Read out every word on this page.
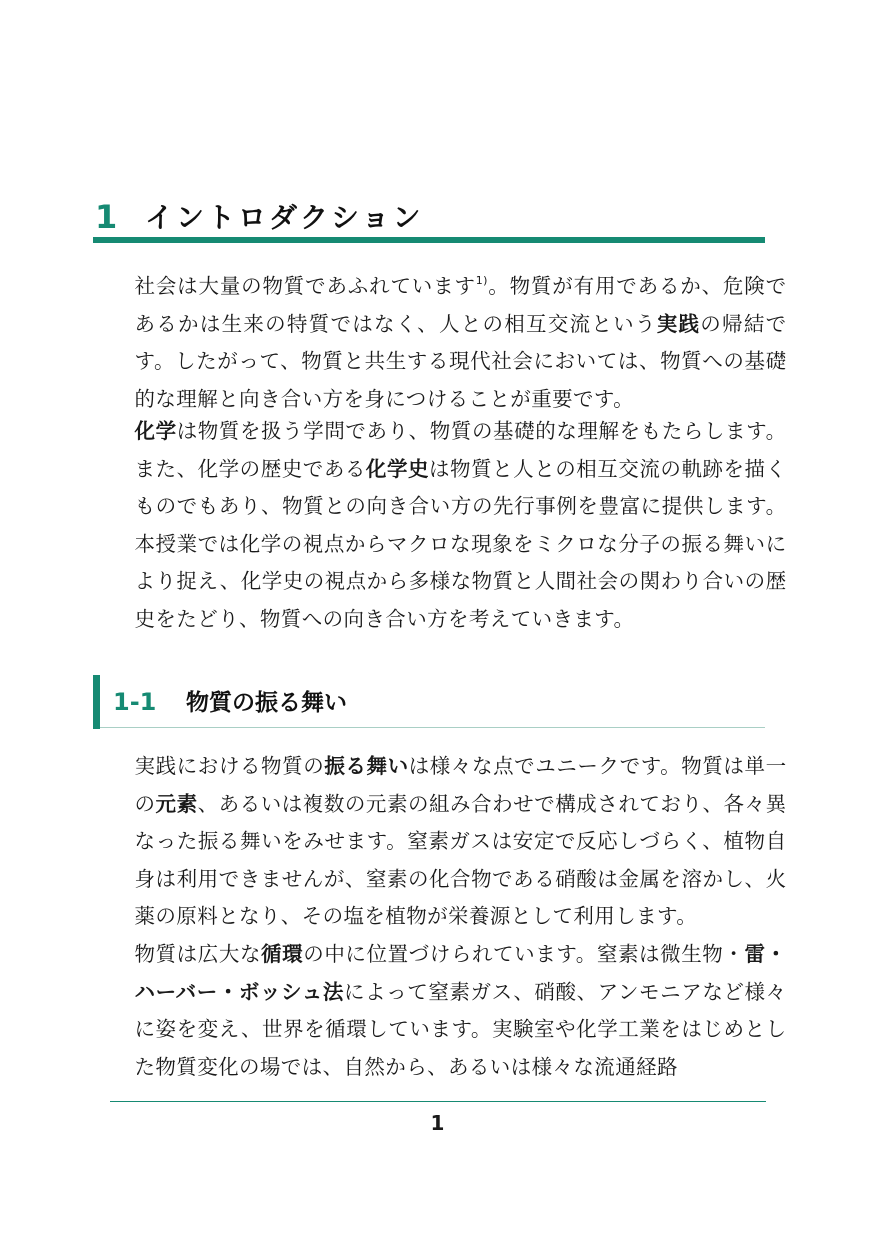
1 イントロダクション

社会は大量の物質であふれています$^{1)}$。物質が有用であるか、危険であるかは生来の特質ではなく、人との相互交流という実践の帰結です。したがって、物質と共生する現代社会においては、物質への基礎的な理解と向き合い方を身につけることが重要です。

化学は物質を扱う学問であり、物質の基礎的な理解をもたらします。また、化学の歴史である化学史は物質と人との相互交流の軌跡を描くものでもあり、物質との向き合い方の先行事例を豊富に提供します。本授業では化学の視点からマクロな現象をミクロな分子の振る舞いにより捉え、化学史の視点から多様な物質と人間社会の関わり合いの歴史をたどり、物質への向き合い方を考えていきます。

1-1 物質の振る舞い

実践における物質の振る舞いは様々な点でユニークです。物質は単一の元素、あるいは複数の元素の組み合わせで構成されており、各々異なった振る舞いをみせます。窒素ガスは安定で反応しづらく、植物自身は利用できませんが、窒素の化合物である硝酸は金属を溶かし、火薬の原料となり、その塩を植物が栄養源として利用します。

物質は広大な循環の中に位置づけられています。窒素は微生物・雷・ハーバー・ボッシュ法によって窒素ガス、硝酸、アンモニアなど様々に姿を変え、世界を循環しています。実験室や化学工業をはじめとした物質変化の場では、自然から、あるいは様々な流通経路

1
